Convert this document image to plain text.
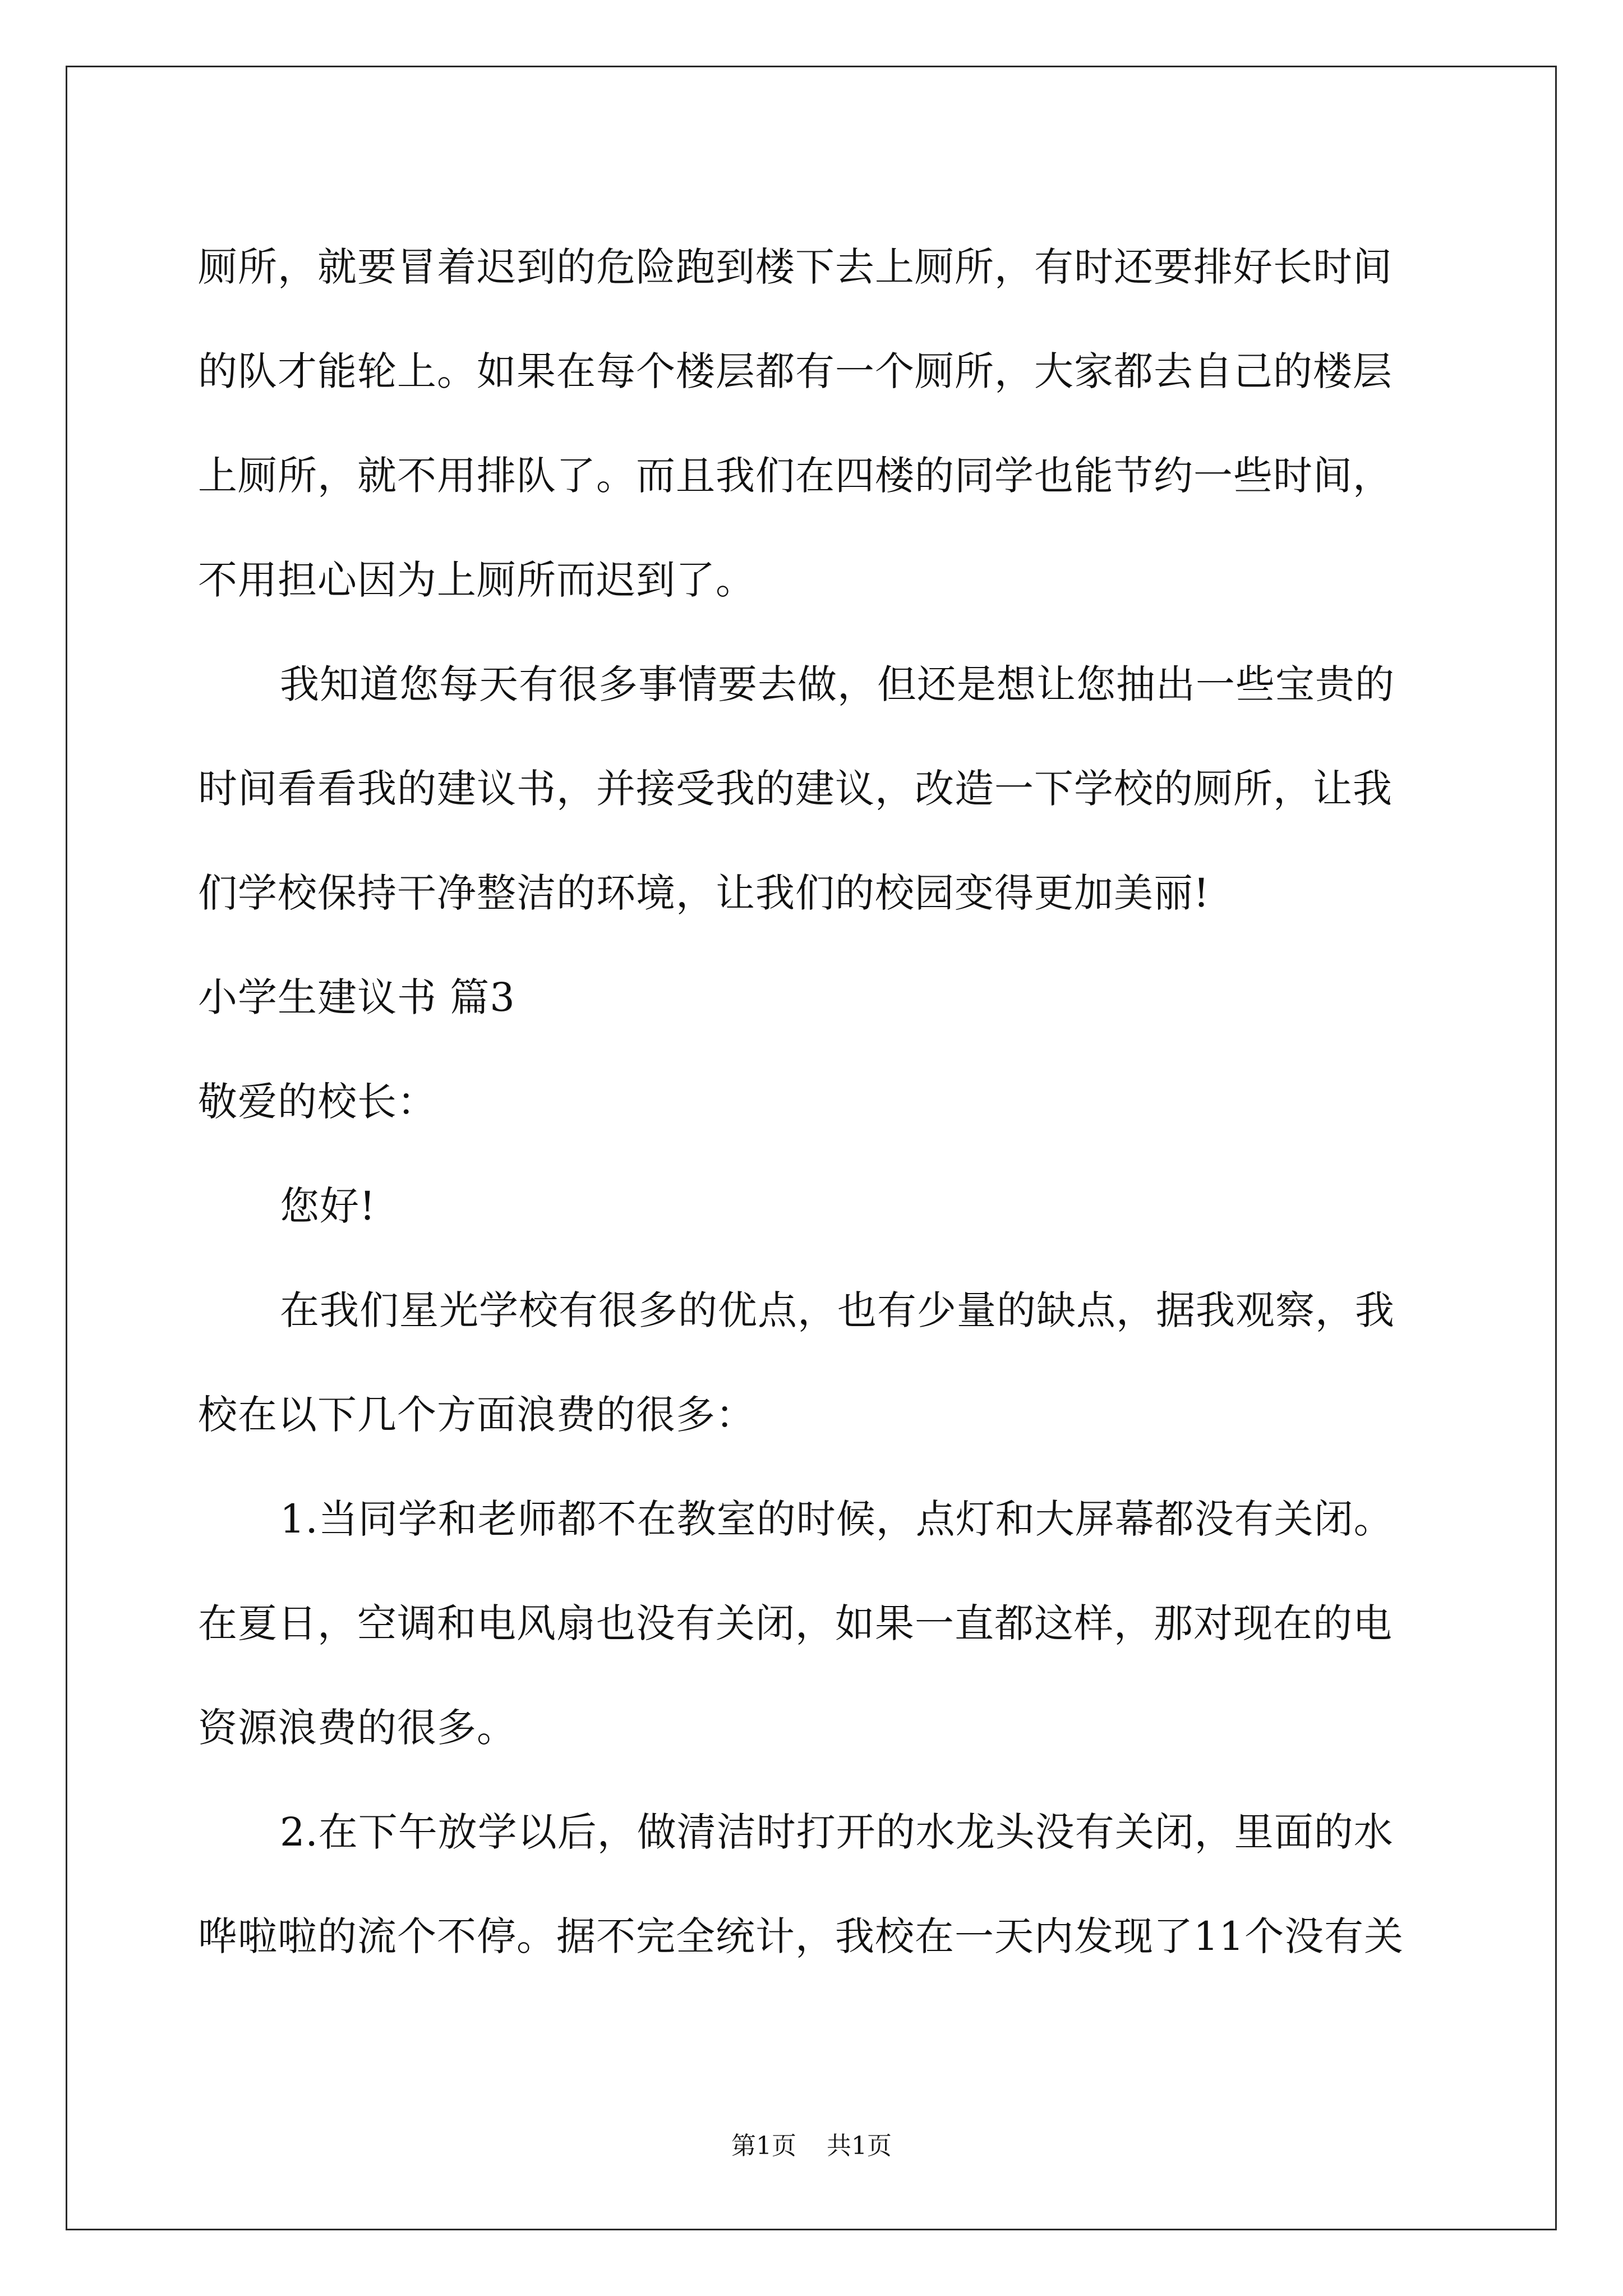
厕所，就要冒着迟到的危险跑到楼下去上厕所，有时还要排好长时间

的队才能轮上。如果在每个楼层都有一个厕所，大家都去自己的楼层

上厕所，就不用排队了。而且我们在四楼的同学也能节约一些时间，

不用担心因为上厕所而迟到了。

我知道您每天有很多事情要去做，但还是想让您抽出一些宝贵的

时间看看我的建议书，并接受我的建议，改造一下学校的厕所，让我

们学校保持干净整洁的环境，让我们的校园变得更加美丽!

小学生建议书 篇3

敬爱的校长：

您好!

在我们星光学校有很多的优点，也有少量的缺点，据我观察，我

校在以下几个方面浪费的很多：

1.当同学和老师都不在教室的时候，点灯和大屏幕都没有关闭。

在夏日，空调和电风扇也没有关闭，如果一直都这样，那对现在的电

资源浪费的很多。

2.在下午放学以后，做清洁时打开的水龙头没有关闭，里面的水

哗啦啦的流个不停。据不完全统计，我校在一天内发现了11个没有关

第1页 共1页
